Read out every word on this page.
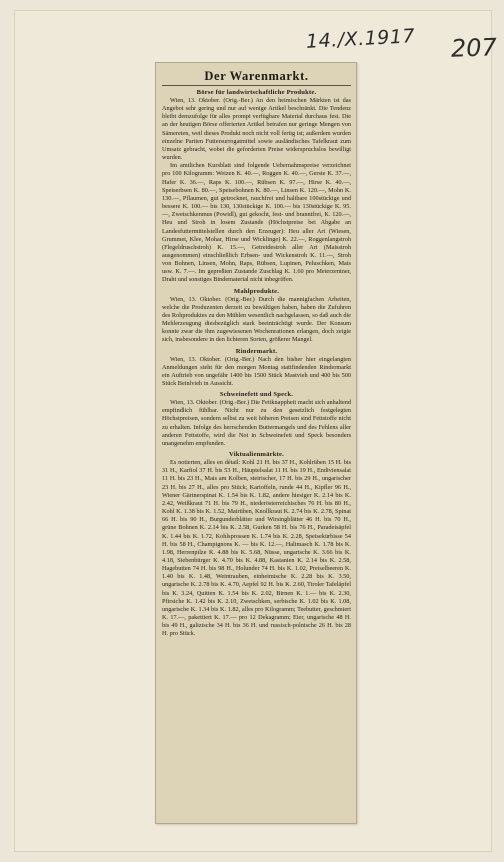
14./X.1917 207
Der Warenmarkt.
Börse für landwirtschaftliche Produkte.

Wien, 13. Oktober. (Orig.-Ber.) An den heimischen Märkten ist das Angebot sehr gering und nur auf wenige Artikel beschränkt. Die Tendenz bleibt demzufolge für alles prompt verfügbare Material durchaus fest. Die an der heutigen Börse offerierten Artikel betrafen nur geringe Mengen von Sämereien, weil dieses Produkt noch nicht voll fertig ist; außerdem wurden einzelne Partien Futtersurrogatmittel sowie ausländisches Tafelkraut zum Umsatz gebracht, wobei die geforderten Preise widerspruchslos bewilligt wurden.

Im amtlichen Kursblatt sind folgende Uebernahmspreise verzeichnet pro 100 Kilogramm: Weizen K. 40.—, Roggen K. 40.—, Gerste K. 37.—, Hafer K. 36.—, Raps K. 100.—, Rübsen K. 97.—, Hirse K. 40.—, Speiserbsen K. 80.—, Speisebohnen K. 80.—, Linsen K. 120.—, Mohn K. 130.—, Pflaumen, gut getrocknet, rauchfrei und haltbare 100stückige und bessere K. 100.— bis 130, 130stückige K. 100.— bis 130stückige K. 95.—, Zwetschkenmus (Powidl), gut gekocht, fest- und branntfrei, K. 120.—, Heu und Stroh in losem Zustande (Höchstpreise bei Abgabe an Landesfuttermittelstellen durch den Erzeuger): Heu aller Art (Wiesen, Grummet, Klee, Mohar, Hirse und Wicklinge) K. 22.—, Roggenlangstroh (Flegeldruschstroh) K. 15.—, Getreidestroh aller Art (Maisstroh ausgenommen) einschließlich Erbsen- und Wickenstroh K. 11.—, Stroh von Bohnen, Linsen, Mohn, Raps, Rübsen, Lupinen, Peluschken, Mais usw. K. 7.—. Im gepreßten Zustande Zuschlag K. 1.60 pro Meterzentner, Draht und sonstiges Bindematerial nicht inbegriffen.

Mahlprodukte.

Wien, 13. Oktober. (Orig.-Ber.) Durch die mannigfachen Arbeiten, welche die Produzenten derzeit zu bewältigen haben, haben die Zufuhren des Rohproduktes zu den Mühlen wesentlich nachgelassen, so daß auch die Mehlerzeugung diesbezüglich stark beeinträchtigt wurde. Der Konsum konnte zwar die ihm zugewiesenen Wochenrationen erlangen, doch zeigte sich, insbesondere in den lichteren Sorten, größerer Mangel.

Rindermarkt.

Wien, 13. Oktober. (Orig.-Ber.) Nach den bisher hier eingelangten Anmeldungen steht für den morgen Montag stattfindenden Rindermarkt ein Auftrieb von ungefähr 1400 bis 1500 Stück Mastvieh und 400 bis 500 Stück Beinlvieh in Aussicht.

Schweinefett und Speck.

Wien, 13. Oktober. (Orig.-Ber.) Die Fettknappheit macht sich anhaltend empfindlich fühlbar. Nicht nur zu den gesetzlich festgelegten Höchstpreisen, sondern selbst zu weit höheren Preisen sind Fettstoffe nicht zu erhalten. Infolge des herrschenden Buttermangels und des Fehlens aller anderen Fettstoffe, wird die Not in Schweinefett und Speck besonders unangenehm empfunden.

Viktualienmärkte.

Es notierten, alles en détail: Kohl 21 H. bis 37 H., Kohlrüben 15 H. bis 31 H., Karfiol 37 H. bis 53 H., Häuptelsalat 11 H. bis 19 H., Endiviensalat 11 H. bis 23 H., Mais am Kolben, steirischer, 17 H. bis 29 H., ungarischer 23 H. bis 27 H., alles pro Stück; Kartoffeln, runde 44 H., Kipfler 96 H., Wiener Gärtnerspinat K. 1.54 bis K. 1.82, andere hiesiger K. 2.14 bis K. 2.42, Weißkraut 71 H. bis 79 H., niederösterreichisches 76 H. bis 80 H., Kohl K. 1.38 bis K. 1.52, Mairüben, Knollkraut K. 2.74 bis K. 2.78, Spinat 66 H. bis 90 H., Burgunderblätter und Wirsingblätter 46 H. bis 70 H., grüne Bohnen K. 2.14 bis K. 2.58, Gurken 58 H. bis 76 H., Paradeisäpfel K. 1.44 bis K. 1.72, Kohlsprossen K. 1.74 bis K. 2.28, Speisekürbisse 54 H. bis 58 H., Champignons K. — bis K. 12.—, Halimasch K. 1.78 bis K. 1.98, Herrenpilze K. 4.88 bis K. 5.68, Nüsse, ungarische K. 3.66 bis K. 4.18, Siebenbürger K. 4.70 bis K. 4.88, Kastanien K. 2.14 bis K. 2.58, Hagebutten 74 H. bis 98 H., Holunder 74 H. bis K. 1.02, Preiselbeeren K. 1.40 bis K. 1.48, Weintrauben, einheimische K. 2.28 bis K. 3.50, ungarische K. 2.78 bis K. 4.70, Aepfel 92 H. bis K. 2.60, Tiroler Tafeläpfel bis K. 3.24, Quitten K. 1.54 bis K. 2.02, Birnen K. 1.— bis K. 2.30, Pfirsiche K. 1.42 bis K. 2.10, Zwetschken, serbische K. 1.02 bis K. 1.08, ungarische K. 1.34 bis K. 1.82, alles pro Kilogramm; Teebutter, geschmiert K. 17.—, pakettiert K. 17.— pro 12 Dekagramm; Eier, ungarische 48 H. bis 49 H., galizische 34 H. bis 36 H. und russisch-polnische 26 H. bis 28 H. pro Stück.
